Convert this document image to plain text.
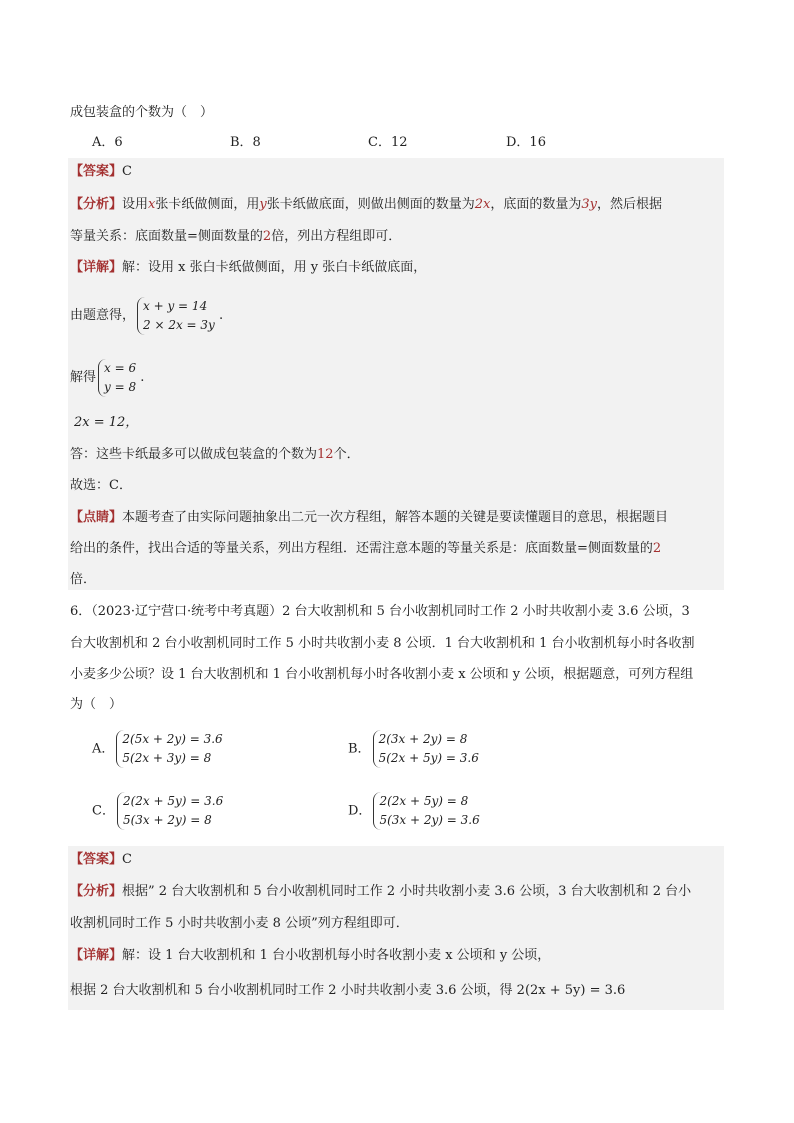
成包装盒的个数为（　）
A．6	B．8	C．12	D．16
【答案】C
【分析】设用x张卡纸做侧面，用y张卡纸做底面，则做出侧面的数量为2x，底面的数量为3y，然后根据
等量关系：底面数量=侧面数量的2倍，列出方程组即可．
【详解】解：设用 x 张白卡纸做侧面，用 y 张白卡纸做底面，
由题意得，
x + y = 14
2 × 2x = 3y
.
解得
x = 6
y = 8
.
2x = 12，
答：这些卡纸最多可以做成包装盒的个数为12个．
故选：C．
【点睛】本题考查了由实际问题抽象出二元一次方程组，解答本题的关键是要读懂题目的意思，根据题目
给出的条件，找出合适的等量关系，列出方程组．还需注意本题的等量关系是：底面数量=侧面数量的2
倍．
6．（2023·辽宁营口·统考中考真题）2 台大收割机和 5 台小收割机同时工作 2 小时共收割小麦 3.6 公顷，3
台大收割机和 2 台小收割机同时工作 5 小时共收割小麦 8 公顷．1 台大收割机和 1 台小收割机每小时各收割
小麦多少公顷？设 1 台大收割机和 1 台小收割机每小时各收割小麦 x 公顷和 y 公顷，根据题意，可列方程组
为（　）
A．
2(5x + 2y) = 3.6
5(2x + 3y) = 8
B．
2(3x + 2y) = 8
5(2x + 5y) = 3.6
C．
2(2x + 5y) = 3.6
5(3x + 2y) = 8
D．
2(2x + 5y) = 8
5(3x + 2y) = 3.6
【答案】C
【分析】根据” 2 台大收割机和 5 台小收割机同时工作 2 小时共收割小麦 3.6 公顷，3 台大收割机和 2 台小
收割机同时工作 5 小时共收割小麦 8 公顷”列方程组即可．
【详解】解：设 1 台大收割机和 1 台小收割机每小时各收割小麦 x 公顷和 y 公顷，
根据 2 台大收割机和 5 台小收割机同时工作 2 小时共收割小麦 3.6 公顷，得 2(2x + 5y) = 3.6
